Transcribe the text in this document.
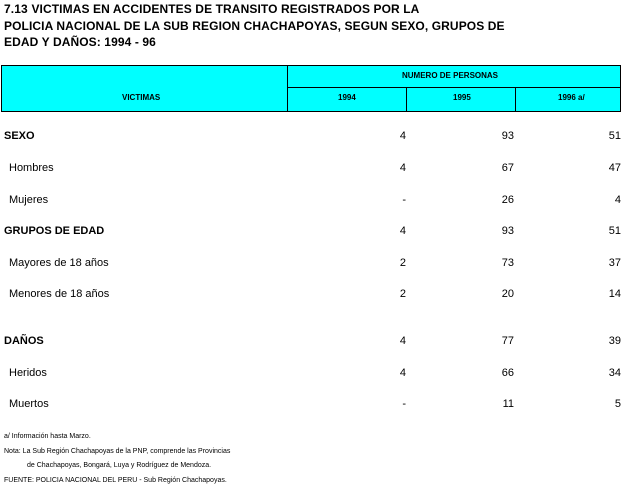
7.13 VICTIMAS EN ACCIDENTES DE TRANSITO REGISTRADOS POR LA
POLICIA NACIONAL DE LA SUB REGION CHACHAPOYAS, SEGUN SEXO, GRUPOS DE
EDAD Y DAÑOS: 1994 - 96
VICTIMAS
NUMERO DE PERSONAS
1994	1995	1996 a/
SEXO	4	93	51
Hombres	4	67	47
Mujeres	-	26	4
GRUPOS DE EDAD	4	93	51
Mayores de 18 años	2	73	37
Menores de 18 años	2	20	14
DAÑOS	4	77	39
Heridos	4	66	34
Muertos	-	11	5
a/ Información hasta Marzo.
Nota: La Sub Región Chachapoyas de la PNP, comprende las Provincias
de Chachapoyas, Bongará, Luya y Rodríguez de Mendoza.
FUENTE: POLICIA NACIONAL DEL PERU - Sub Región Chachapoyas.
